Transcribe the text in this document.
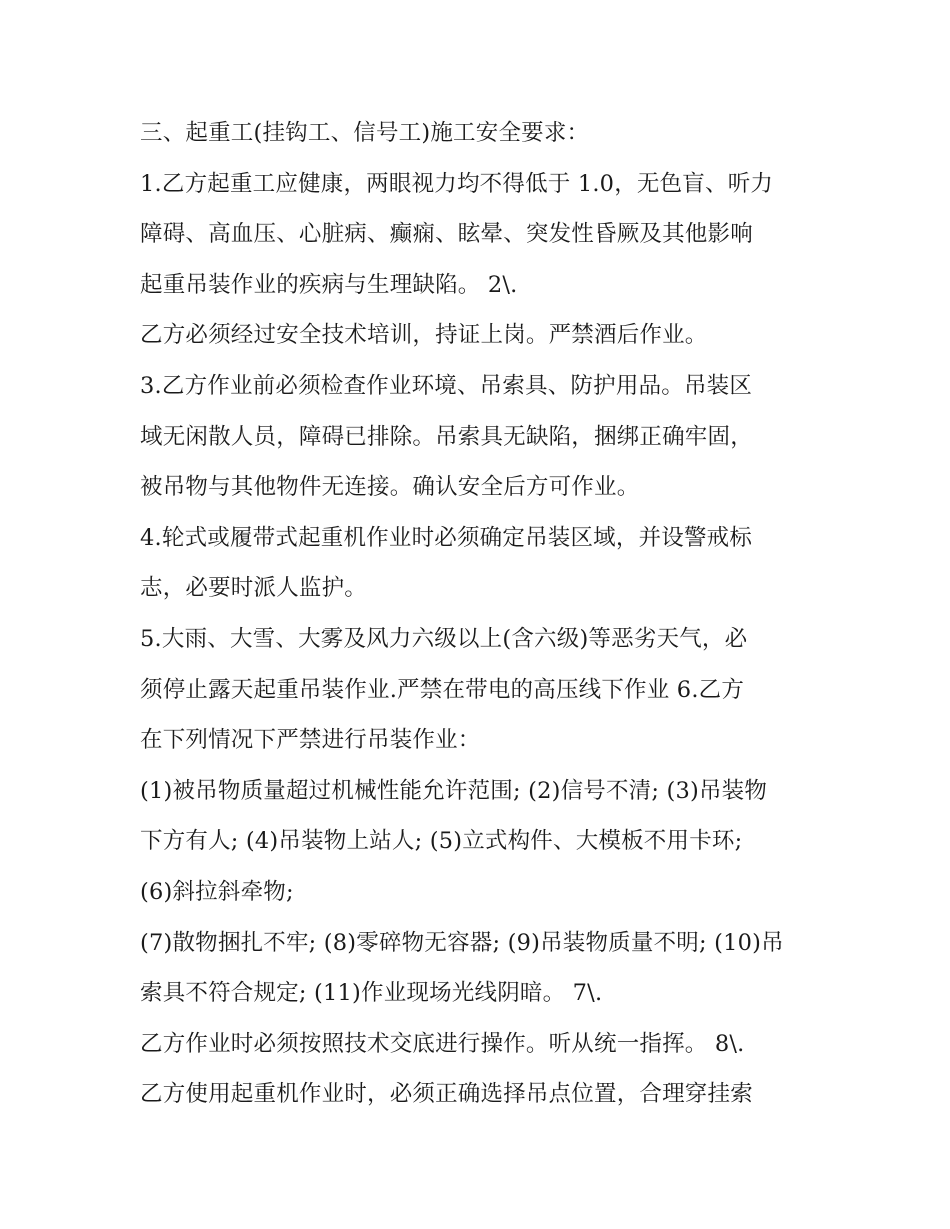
三、起重工(挂钩工、信号工)施工安全要求：
1.乙方起重工应健康，两眼视力均不得低于 1.0，无色盲、听力
障碍、高血压、心脏病、癫痫、眩晕、突发性昏厥及其他影响
起重吊装作业的疾病与生理缺陷。 2\.
乙方必须经过安全技术培训，持证上岗。严禁酒后作业。
3.乙方作业前必须检查作业环境、吊索具、防护用品。吊装区
域无闲散人员，障碍已排除。吊索具无缺陷，捆绑正确牢固，
被吊物与其他物件无连接。确认安全后方可作业。
4.轮式或履带式起重机作业时必须确定吊装区域，并设警戒标
志，必要时派人监护。
5.大雨、大雪、大雾及风力六级以上(含六级)等恶劣天气，必
须停止露天起重吊装作业.严禁在带电的高压线下作业 6.乙方
在下列情况下严禁进行吊装作业：
(1)被吊物质量超过机械性能允许范围; (2)信号不清; (3)吊装物
下方有人; (4)吊装物上站人; (5)立式构件、大模板不用卡环;
(6)斜拉斜牵物;
(7)散物捆扎不牢; (8)零碎物无容器; (9)吊装物质量不明; (10)吊
索具不符合规定; (11)作业现场光线阴暗。 7\.
乙方作业时必须按照技术交底进行操作。听从统一指挥。 8\.
乙方使用起重机作业时，必须正确选择吊点位置，合理穿挂索
